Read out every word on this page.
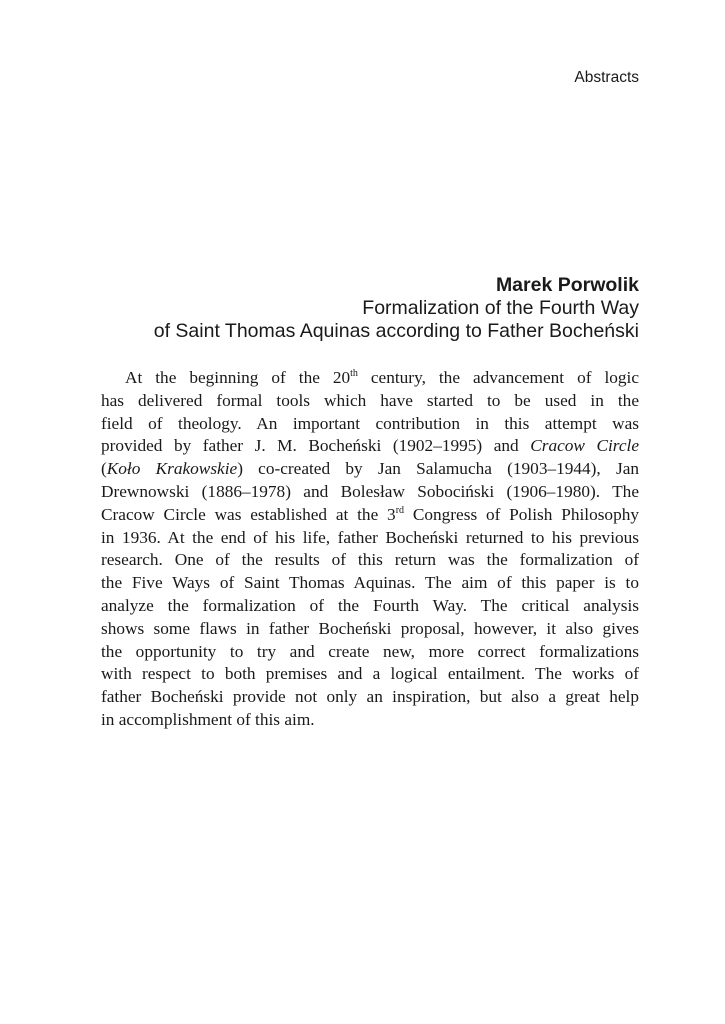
Abstracts
Marek Porwolik
Formalization of the Fourth Way
of Saint Thomas Aquinas according to Father Bocheński
At the beginning of the 20th century, the advancement of logic
has delivered formal tools which have started to be used in the
field of theology. An important contribution in this attempt was
provided by father J. M. Bocheński (1902–1995) and Cracow Circle
(Koło Krakowskie) co-created by Jan Salamucha (1903–1944), Jan
Drewnowski (1886–1978) and Bolesław Sobociński (1906–1980). The
Cracow Circle was established at the 3rd Congress of Polish Philosophy
in 1936. At the end of his life, father Bocheński returned to his previous
research. One of the results of this return was the formalization of
the Five Ways of Saint Thomas Aquinas. The aim of this paper is to
analyze the formalization of the Fourth Way. The critical analysis
shows some flaws in father Bocheński proposal, however, it also gives
the opportunity to try and create new, more correct formalizations
with respect to both premises and a logical entailment. The works of
father Bocheński provide not only an inspiration, but also a great help
in accomplishment of this aim.
